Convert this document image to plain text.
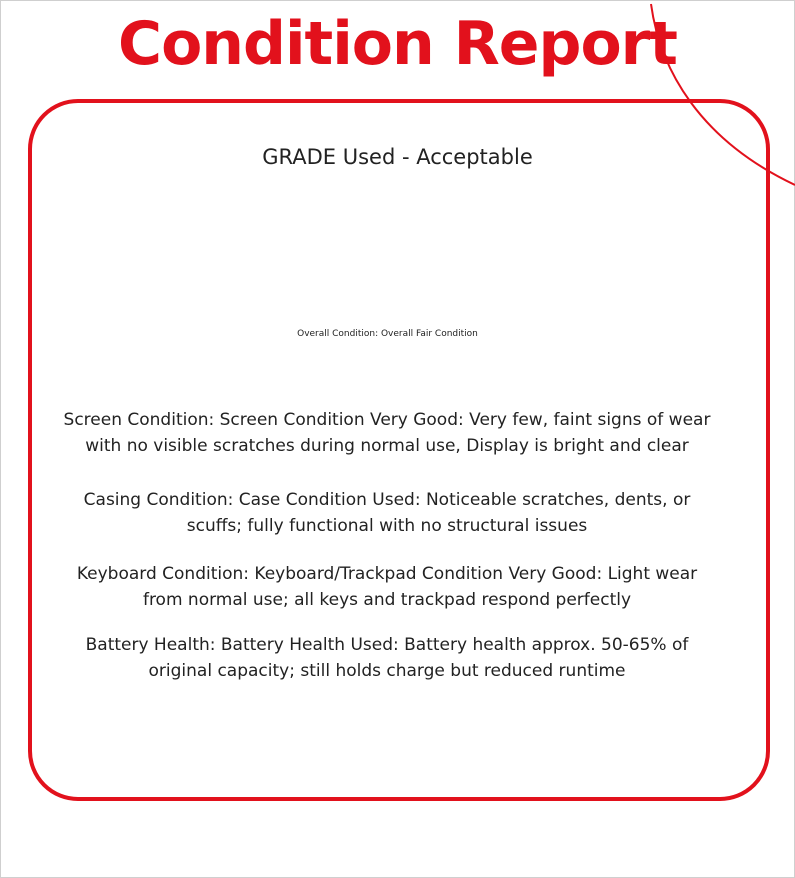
Condition Report
GRADE Used - Acceptable
Overall Condition: Overall Fair Condition
Screen Condition: Screen Condition Very Good: Very few, faint signs of wear with no visible scratches during normal use, Display is bright and clear
Casing Condition: Case Condition Used: Noticeable scratches, dents, or scuffs; fully functional with no structural issues
Keyboard Condition: Keyboard/Trackpad Condition Very Good: Light wear from normal use; all keys and trackpad respond perfectly
Battery Health: Battery Health Used: Battery health approx. 50-65% of original capacity; still holds charge but reduced runtime
